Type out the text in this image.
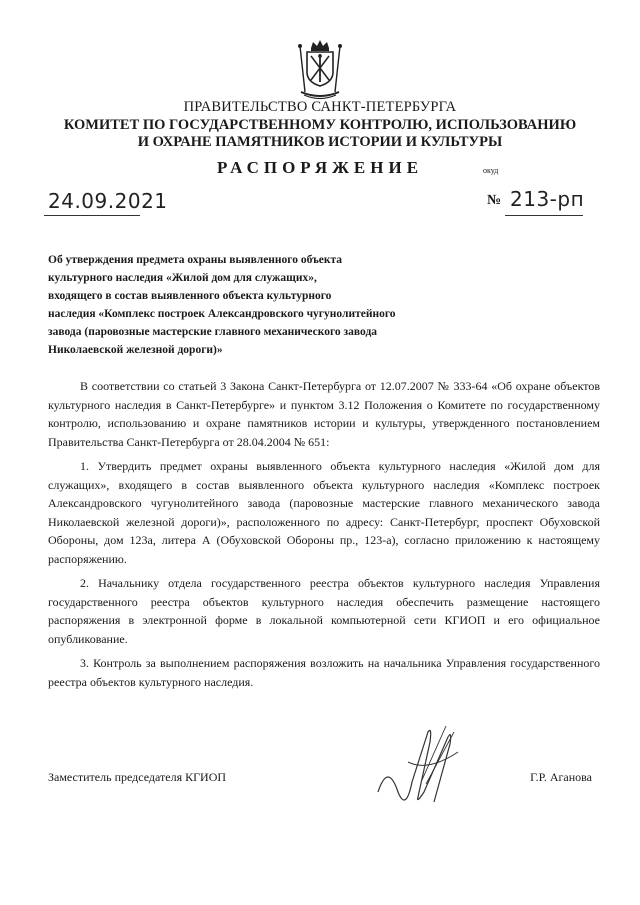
ПРАВИТЕЛЬСТВО САНКТ-ПЕТЕРБУРГА
КОМИТЕТ ПО ГОСУДАРСТВЕННОМУ КОНТРОЛЮ, ИСПОЛЬЗОВАНИЮ
И ОХРАНЕ ПАМЯТНИКОВ ИСТОРИИ И КУЛЬТУРЫ
РАСПОРЯЖЕНИЕ	окуд
24.09.2021	№ 213-рп
Об утверждения предмета охраны выявленного объекта
культурного наследия «Жилой дом для служащих»,
входящего в состав выявленного объекта культурного
наследия «Комплекс построек Александровского чугунолитейного
завода (паровозные мастерские главного механического завода
Николаевской железной дороги)»

В соответствии со статьей 3 Закона Санкт-Петербурга от 12.07.2007 № 333-64 «Об охране объектов культурного наследия в Санкт-Петербурге» и пунктом 3.12 Положения о Комитете по государственному контролю, использованию и охране памятников истории и культуры, утвержденного постановлением Правительства Санкт-Петербурга от 28.04.2004 № 651:

1. Утвердить предмет охраны выявленного объекта культурного наследия «Жилой дом для служащих», входящего в состав выявленного объекта культурного наследия «Комплекс построек Александровского чугунолитейного завода (паровозные мастерские главного механического завода Николаевской железной дороги)», расположенного по адресу: Санкт-Петербург, проспект Обуховской Обороны, дом 123а, литера А (Обуховской Обороны пр., 123-а), согласно приложению к настоящему распоряжению.

2. Начальнику отдела государственного реестра объектов культурного наследия Управления государственного реестра объектов культурного наследия обеспечить размещение настоящего распоряжения в электронной форме в локальной компьютерной сети КГИОП и его официальное опубликование.

3. Контроль за выполнением распоряжения возложить на начальника Управления государственного реестра объектов культурного наследия.

Заместитель председателя КГИОП	Г.Р. Аганова
